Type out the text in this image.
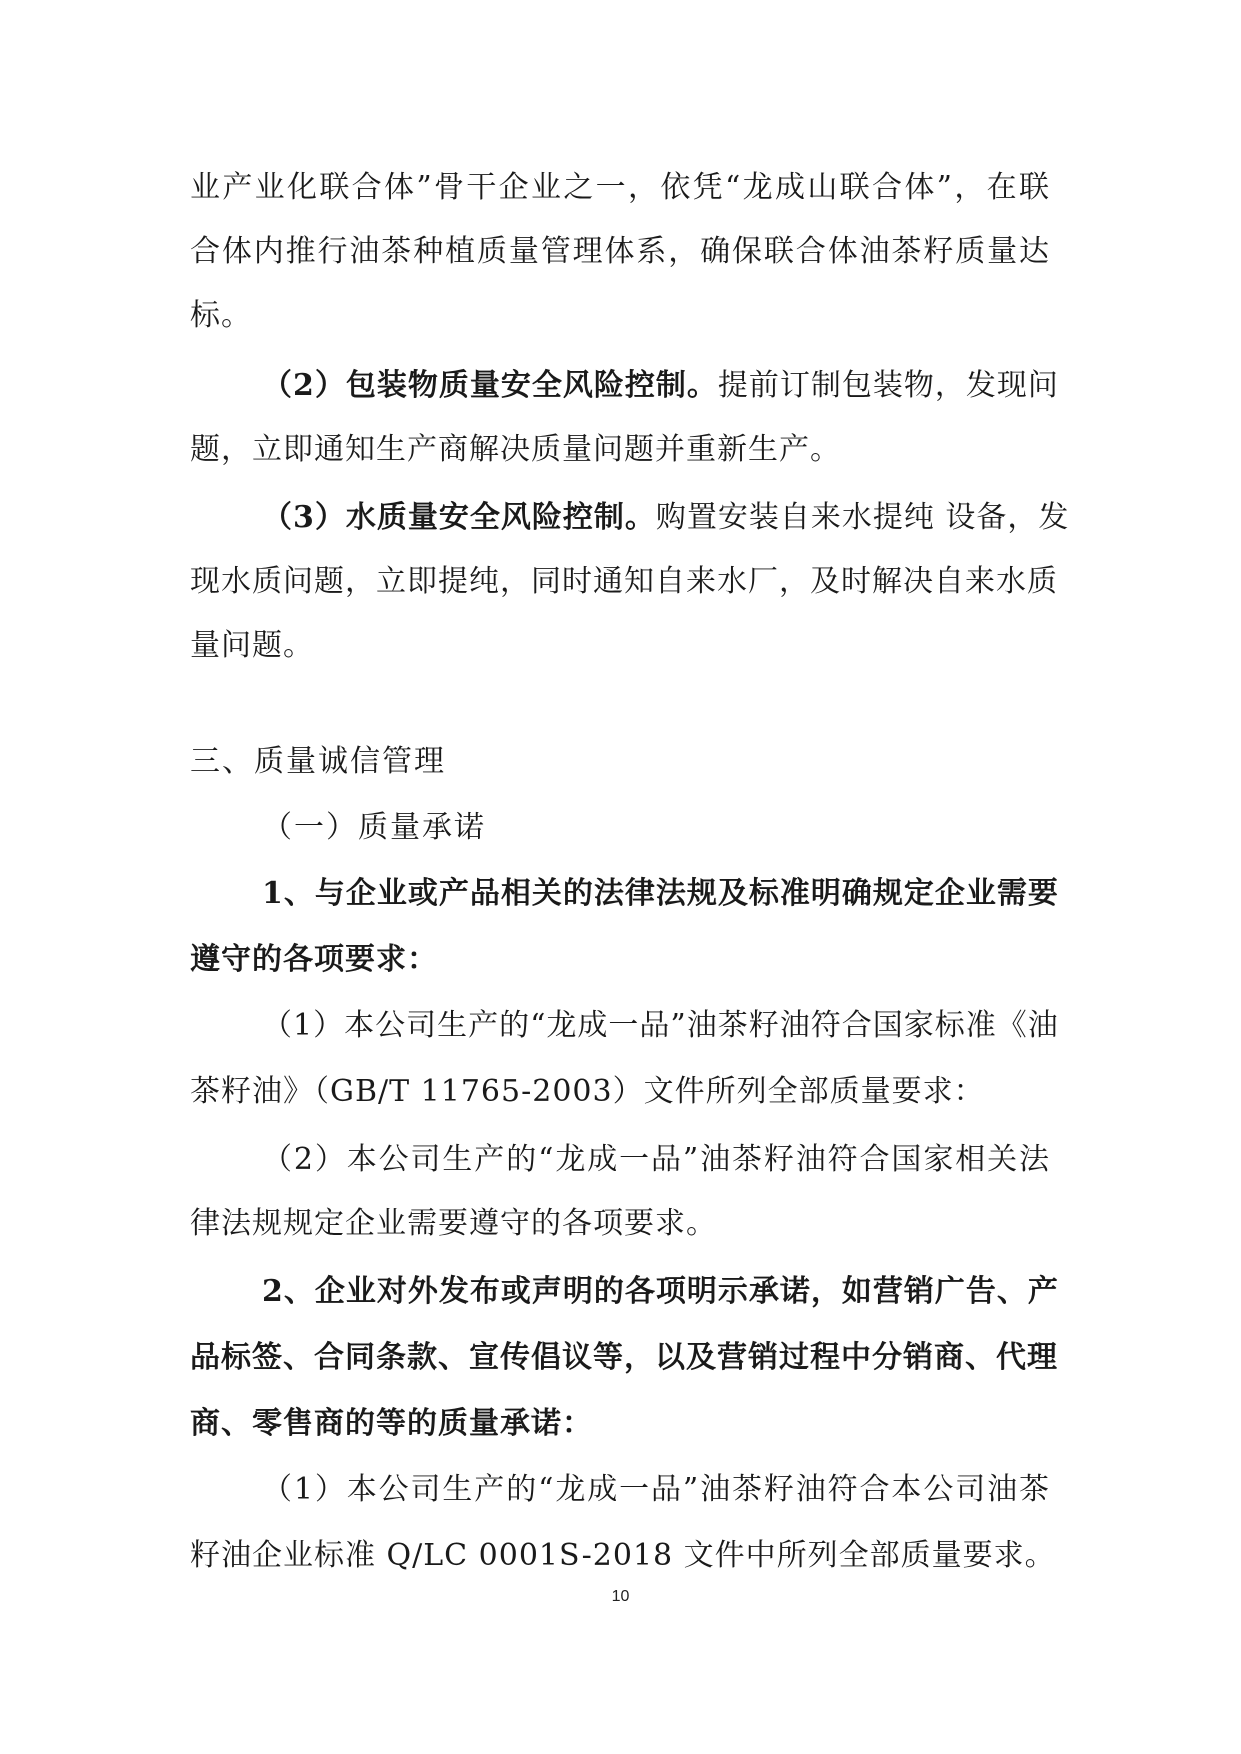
业产业化联合体”骨干企业之一，依凭“龙成山联合体”，在联
合体内推行油茶种植质量管理体系，确保联合体油茶籽质量达
标。
（2）包装物质量安全风险控制。提前订制包装物，发现问
题，立即通知生产商解决质量问题并重新生产。
（3）水质量安全风险控制。购置安装自来水提纯 设备，发
现水质问题，立即提纯，同时通知自来水厂，及时解决自来水质
量问题。
三、质量诚信管理
（一）质量承诺
1、与企业或产品相关的法律法规及标准明确规定企业需要
遵守的各项要求：
（1）本公司生产的“龙成一品”油茶籽油符合国家标准《油
茶籽油》（GB/T 11765-2003）文件所列全部质量要求：
（2）本公司生产的“龙成一品”油茶籽油符合国家相关法
律法规规定企业需要遵守的各项要求。
2、企业对外发布或声明的各项明示承诺，如营销广告、产
品标签、合同条款、宣传倡议等，以及营销过程中分销商、代理
商、零售商的等的质量承诺：
（1）本公司生产的“龙成一品”油茶籽油符合本公司油茶
籽油企业标准 Q/LC 0001S-2018 文件中所列全部质量要求。
10
